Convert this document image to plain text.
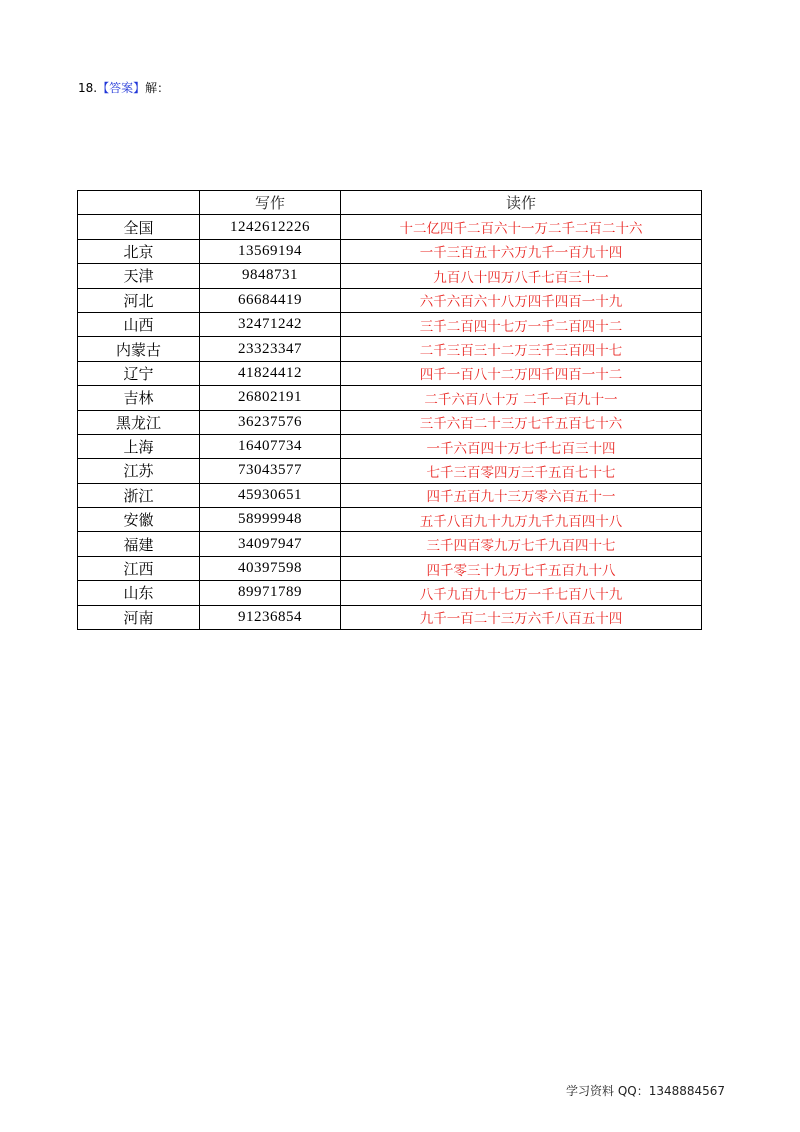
18.【答案】解：
	写作	读作
全国	1242612226	十二亿四千二百六十一万二千二百二十六
北京	13569194	一千三百五十六万九千一百九十四
天津	9848731	九百八十四万八千七百三十一
河北	66684419	六千六百六十八万四千四百一十九
山西	32471242	三千二百四十七万一千二百四十二
内蒙古	23323347	二千三百三十二万三千三百四十七
辽宁	41824412	四千一百八十二万四千四百一十二
吉林	26802191	二千六百八十万 二千一百九十一
黑龙江	36237576	三千六百二十三万七千五百七十六
上海	16407734	一千六百四十万七千七百三十四
江苏	73043577	七千三百零四万三千五百七十七
浙江	45930651	四千五百九十三万零六百五十一
安徽	58999948	五千八百九十九万九千九百四十八
福建	34097947	三千四百零九万七千九百四十七
江西	40397598	四千零三十九万七千五百九十八
山东	89971789	八千九百九十七万一千七百八十九
河南	91236854	九千一百二十三万六千八百五十四
学习资料 QQ：1348884567
